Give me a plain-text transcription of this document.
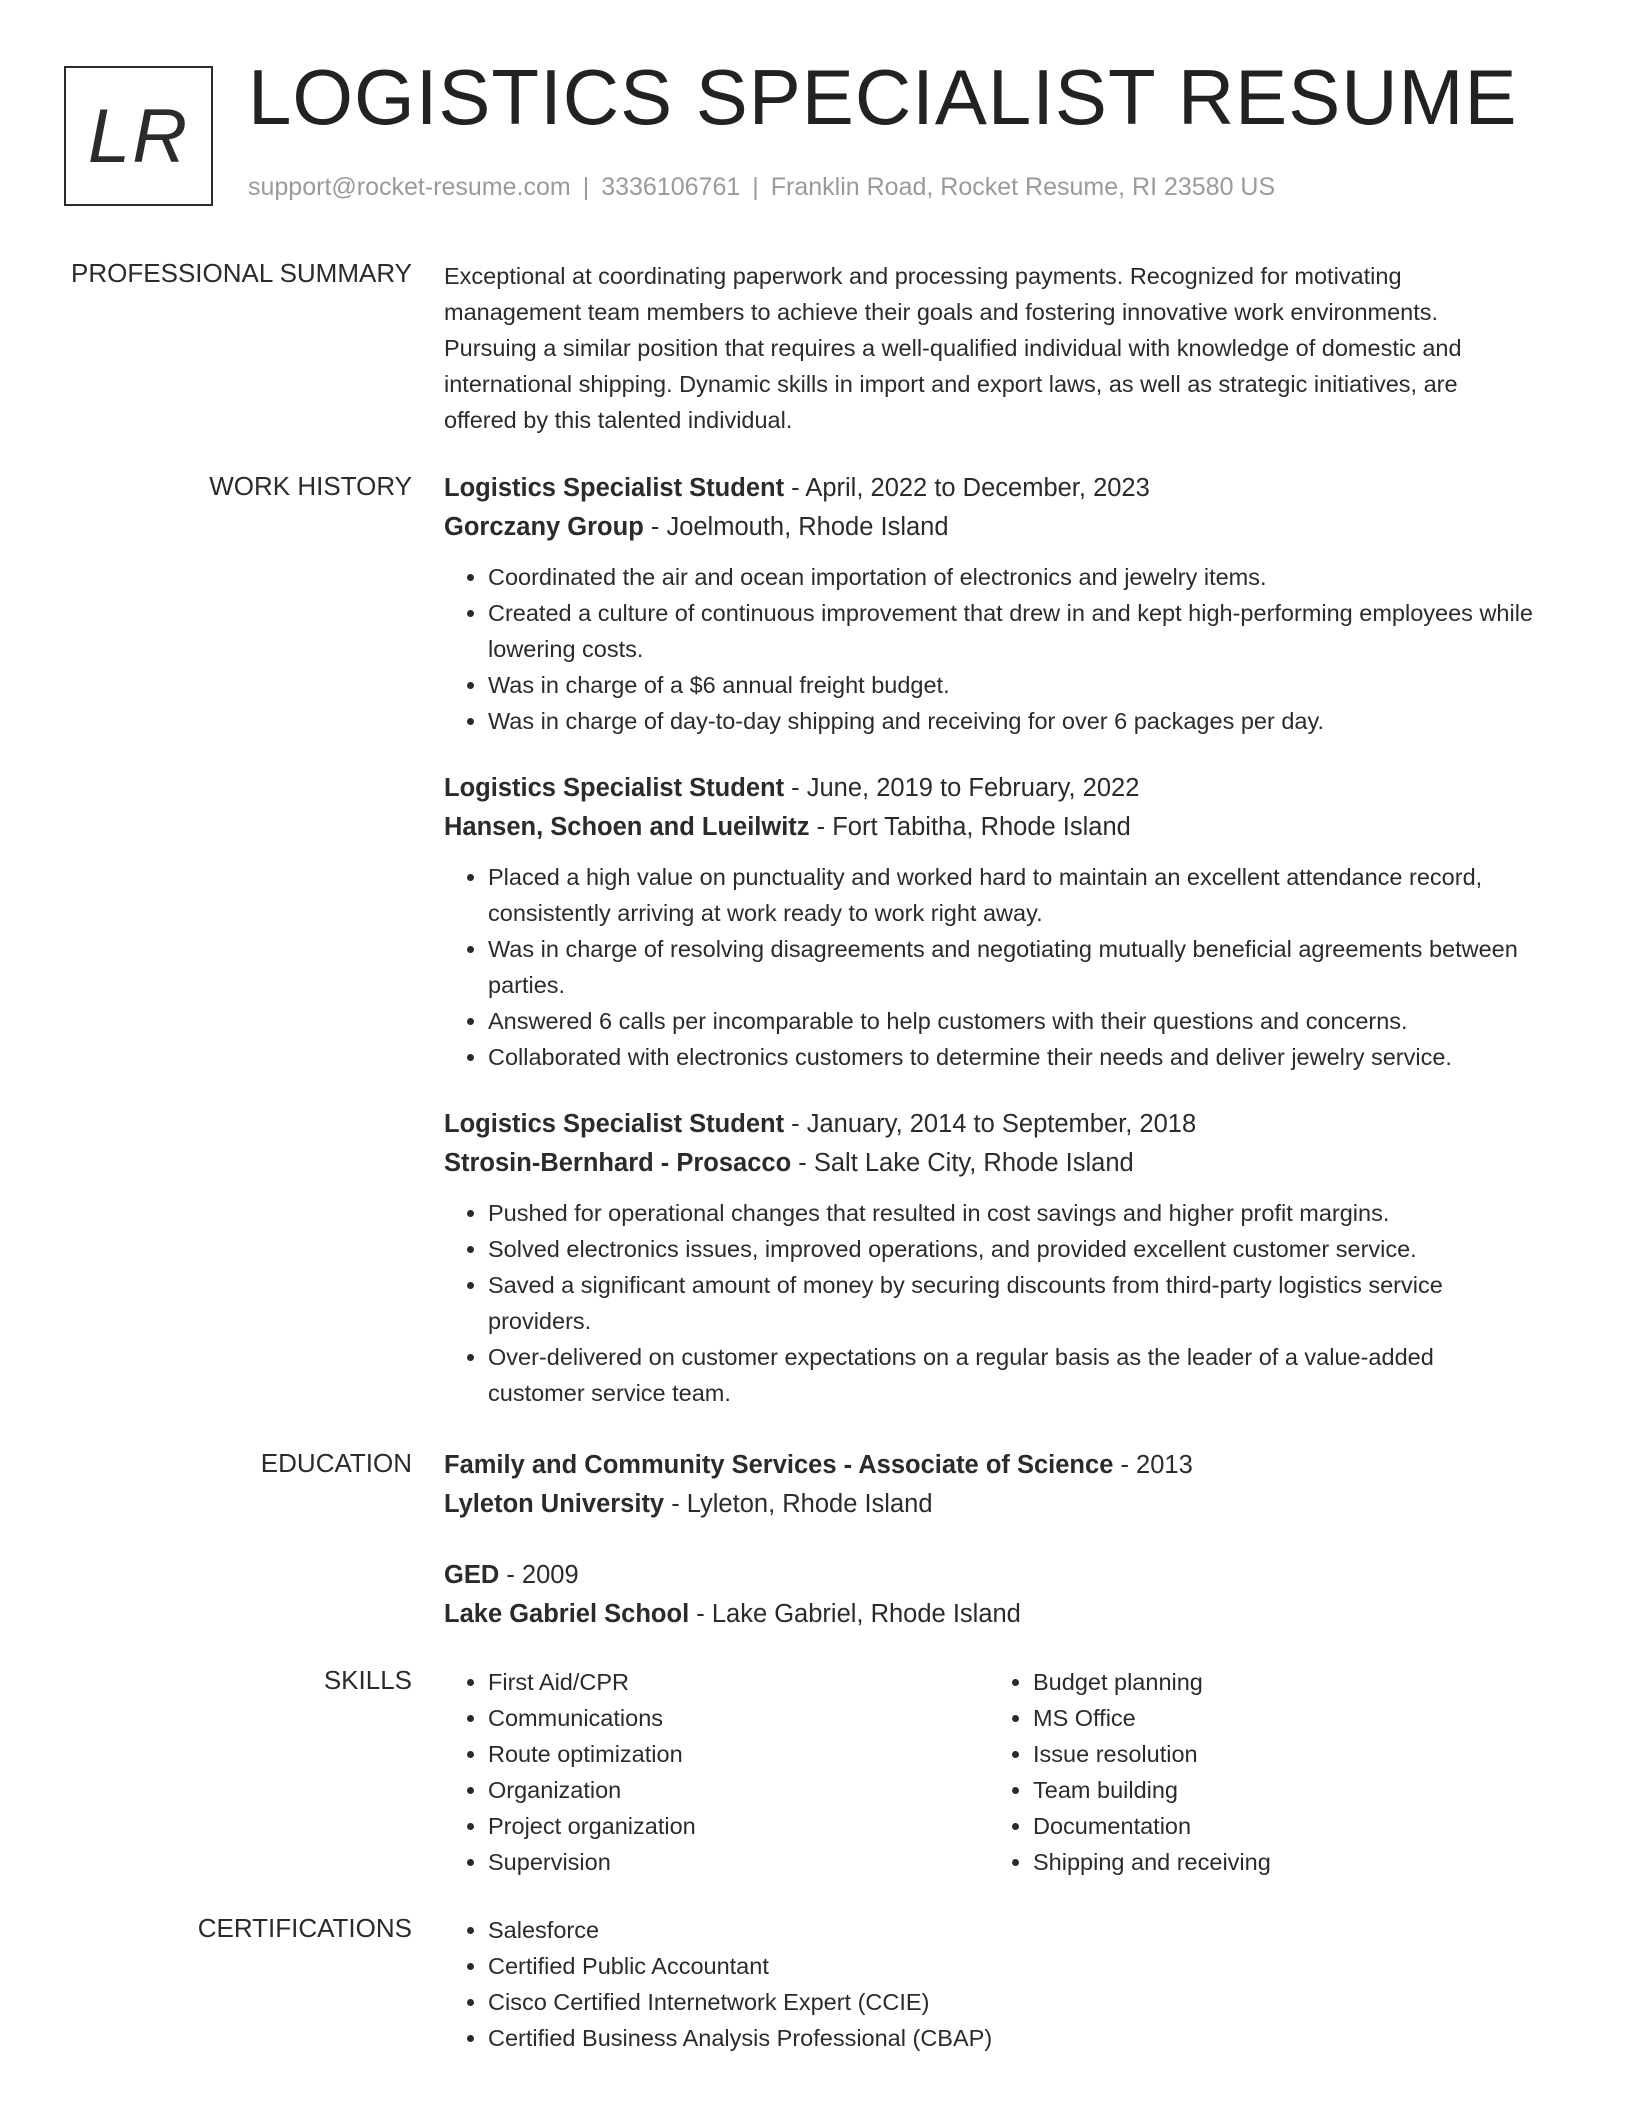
LR LOGISTICS SPECIALIST RESUME
support@rocket-resume.com | 3336106761 | Franklin Road, Rocket Resume, RI 23580 US
PROFESSIONAL SUMMARY Exceptional at coordinating paperwork and processing payments. Recognized for motivating management team members to achieve their goals and fostering innovative work environments. Pursuing a similar position that requires a well-qualified individual with knowledge of domestic and international shipping. Dynamic skills in import and export laws, as well as strategic initiatives, are offered by this talented individual.

WORK HISTORY Logistics Specialist Student - April, 2022 to December, 2023

Gorczany Group - Joelmouth, Rhode Island

• Coordinated the air and ocean importation of electronics and jewelry items.
• Created a culture of continuous improvement that drew in and kept high-performing employees while lowering costs.
• Was in charge of a $6 annual freight budget.
• Was in charge of day-to-day shipping and receiving for over 6 packages per day.

Logistics Specialist Student - June, 2019 to February, 2022

Hansen, Schoen and Lueilwitz - Fort Tabitha, Rhode Island

• Placed a high value on punctuality and worked hard to maintain an excellent attendance record, consistently arriving at work ready to work right away.
• Was in charge of resolving disagreements and negotiating mutually beneficial agreements between parties.
• Answered 6 calls per incomparable to help customers with their questions and concerns.
• Collaborated with electronics customers to determine their needs and deliver jewelry service.

Logistics Specialist Student - January, 2014 to September, 2018

Strosin-Bernhard - Prosacco - Salt Lake City, Rhode Island

• Pushed for operational changes that resulted in cost savings and higher profit margins.
• Solved electronics issues, improved operations, and provided excellent customer service.
• Saved a significant amount of money by securing discounts from third-party logistics service providers.
• Over-delivered on customer expectations on a regular basis as the leader of a value-added customer service team.
EDUCATION Family and Community Services - Associate of Science - 2013

Lyleton University - Lyleton, Rhode Island

GED - 2009

Lake Gabriel School - Lake Gabriel, Rhode Island

SKILLS	• First Aid/CPR
• Communications
• Route optimization
• Organization
• Project organization
• Supervision
• Budget planning
• MS Office
• Issue resolution
• Team building
• Documentation
• Shipping and receiving
CERTIFICATIONS	• Salesforce
• Certified Public Accountant
• Cisco Certified Internetwork Expert (CCIE)
• Certified Business Analysis Professional (CBAP)
